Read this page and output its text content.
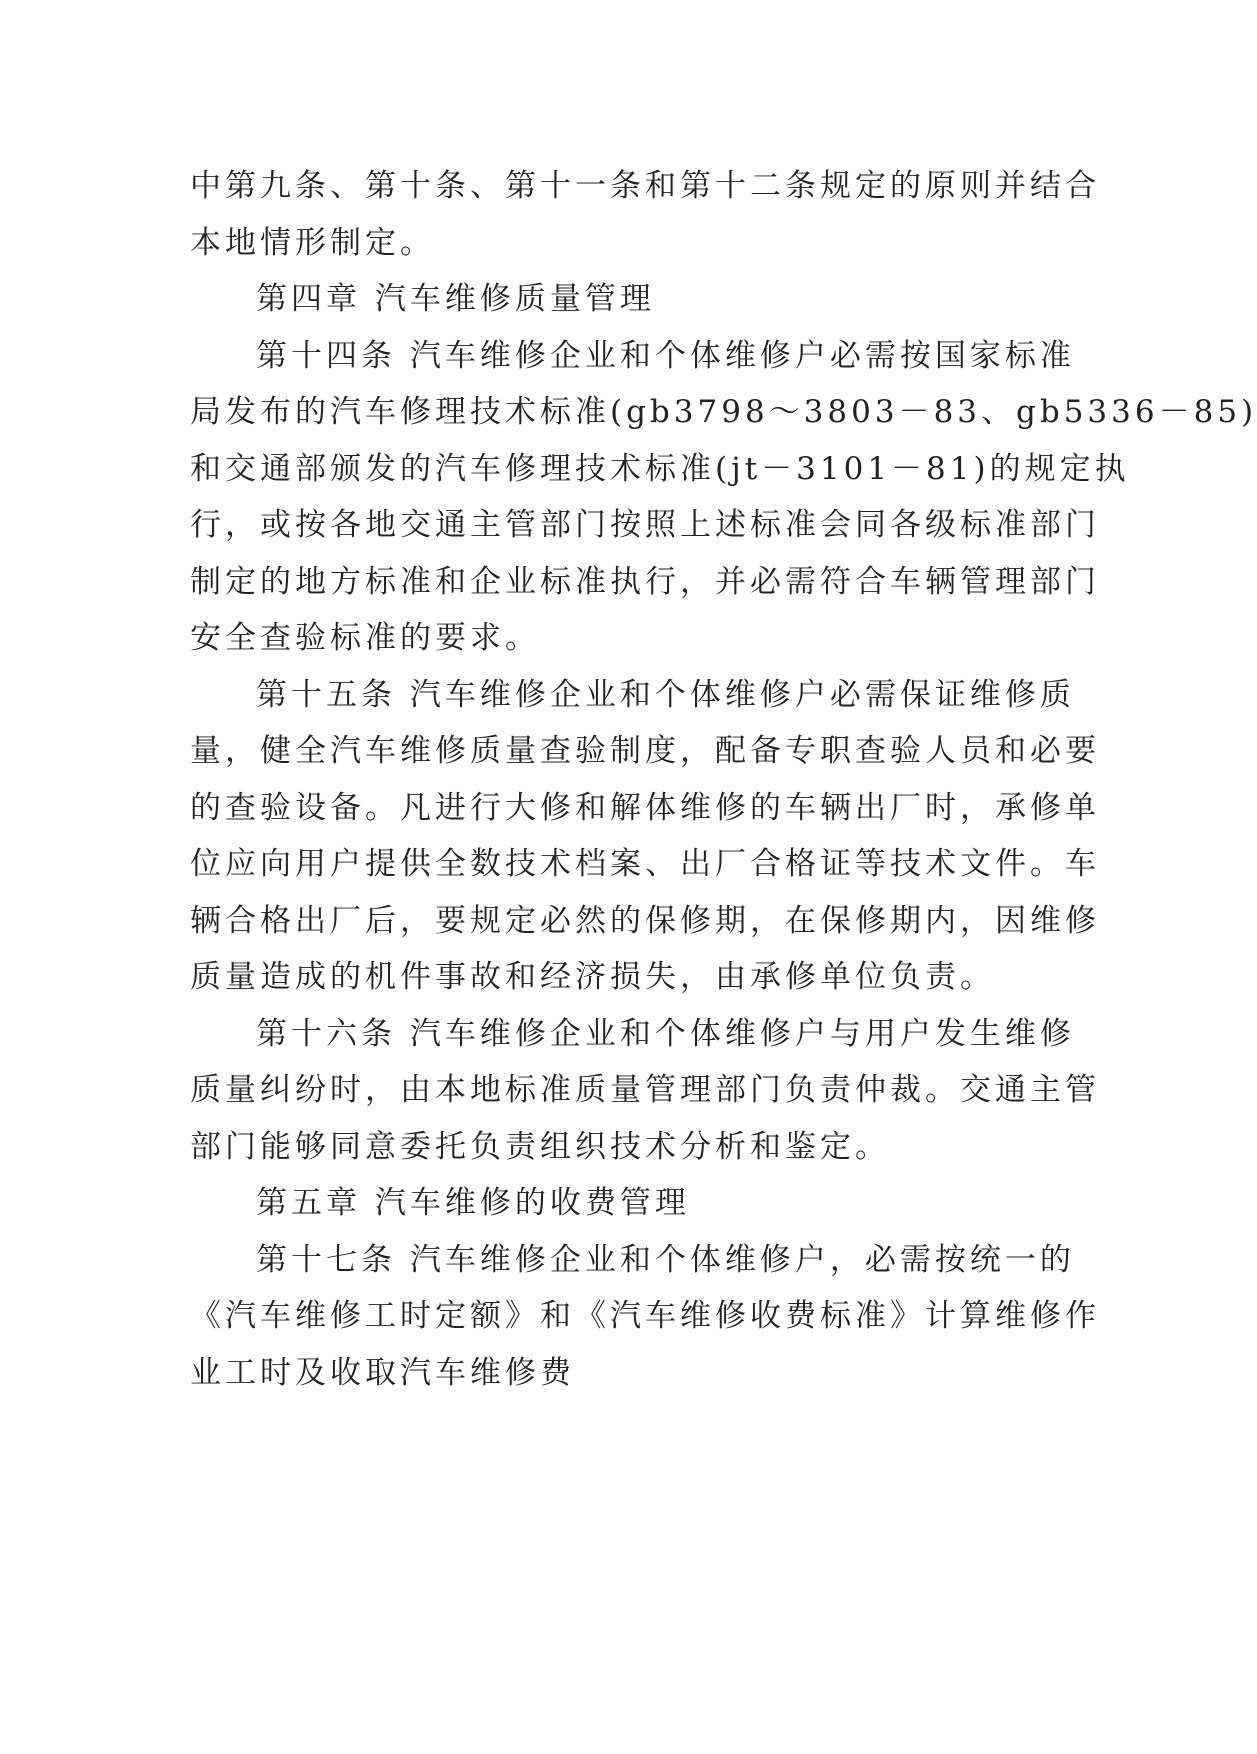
中第九条、第十条、第十一条和第十二条规定的原则并结合
本地情形制定。
第四章 汽车维修质量管理
第十四条 汽车维修企业和个体维修户必需按国家标准
局发布的汽车修理技术标准(gb3798～3803－83、gb5336－85)
和交通部颁发的汽车修理技术标准(jt－3101－81)的规定执
行，或按各地交通主管部门按照上述标准会同各级标准部门
制定的地方标准和企业标准执行，并必需符合车辆管理部门
安全查验标准的要求。
第十五条 汽车维修企业和个体维修户必需保证维修质
量，健全汽车维修质量查验制度，配备专职查验人员和必要
的查验设备。凡进行大修和解体维修的车辆出厂时，承修单
位应向用户提供全数技术档案、出厂合格证等技术文件。车
辆合格出厂后，要规定必然的保修期，在保修期内，因维修
质量造成的机件事故和经济损失，由承修单位负责。
第十六条 汽车维修企业和个体维修户与用户发生维修
质量纠纷时，由本地标准质量管理部门负责仲裁。交通主管
部门能够同意委托负责组织技术分析和鉴定。
第五章 汽车维修的收费管理
第十七条 汽车维修企业和个体维修户，必需按统一的
《汽车维修工时定额》和《汽车维修收费标准》计算维修作
业工时及收取汽车维修费
